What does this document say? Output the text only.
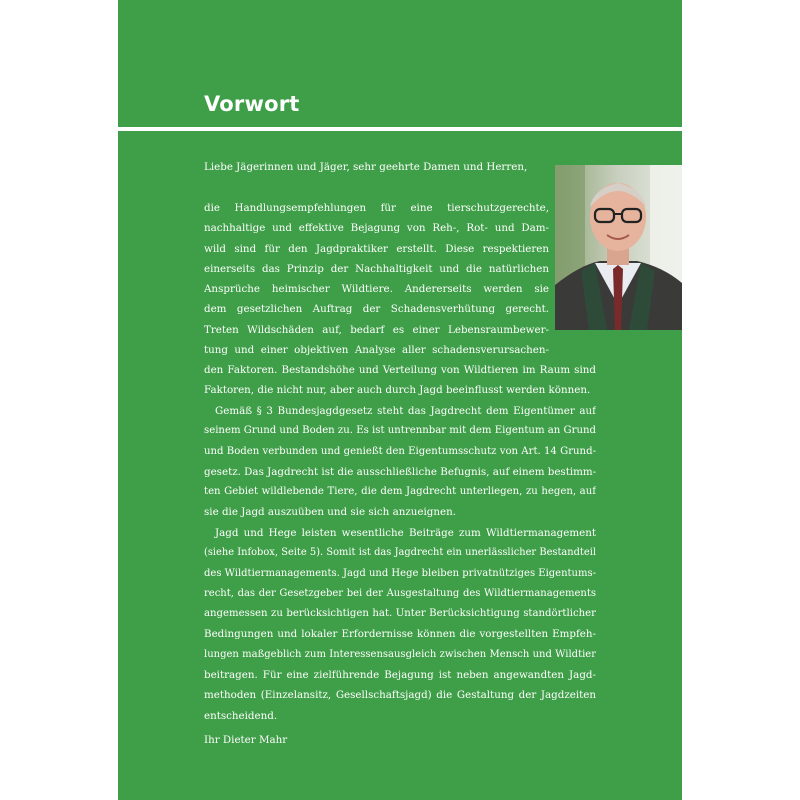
Vorwort
Liebe Jägerinnen und Jäger, sehr geehrte Damen und Herren,
die Handlungsempfehlungen für eine tierschutzgerechte,
nachhaltige und effektive Bejagung von Reh-, Rot- und Dam-
wild sind für den Jagdpraktiker erstellt. Diese respektieren
einerseits das Prinzip der Nachhaltigkeit und die natürlichen
Ansprüche heimischer Wildtiere. Andererseits werden sie
dem gesetzlichen Auftrag der Schadensverhütung gerecht.
Treten Wildschäden auf, bedarf es einer Lebensraumbewer-
tung und einer objektiven Analyse aller schadensverursachen-
den Faktoren. Bestandshöhe und Verteilung von Wildtieren im Raum sind
Faktoren, die nicht nur, aber auch durch Jagd beeinflusst werden können.
Gemäß § 3 Bundesjagdgesetz steht das Jagdrecht dem Eigentümer auf
seinem Grund und Boden zu. Es ist untrennbar mit dem Eigentum an Grund
und Boden verbunden und genießt den Eigentumsschutz von Art. 14 Grund-
gesetz. Das Jagdrecht ist die ausschließliche Befugnis, auf einem bestimm-
ten Gebiet wildlebende Tiere, die dem Jagdrecht unterliegen, zu hegen, auf
sie die Jagd auszuüben und sie sich anzueignen.
Jagd und Hege leisten wesentliche Beiträge zum Wildtiermanagement
(siehe Infobox, Seite 5). Somit ist das Jagdrecht ein unerlässlicher Bestandteil
des Wildtiermanagements. Jagd und Hege bleiben privatnütziges Eigentums-
recht, das der Gesetzgeber bei der Ausgestaltung des Wildtiermanagements
angemessen zu berücksichtigen hat. Unter Berücksichtigung standörtlicher
Bedingungen und lokaler Erfordernisse können die vorgestellten Empfeh-
lungen maßgeblich zum Interessensausgleich zwischen Mensch und Wildtier
beitragen. Für eine zielführende Bejagung ist neben angewandten Jagd-
methoden (Einzelansitz, Gesellschaftsjagd) die Gestaltung der Jagdzeiten
entscheidend.
Ihr Dieter Mahr
